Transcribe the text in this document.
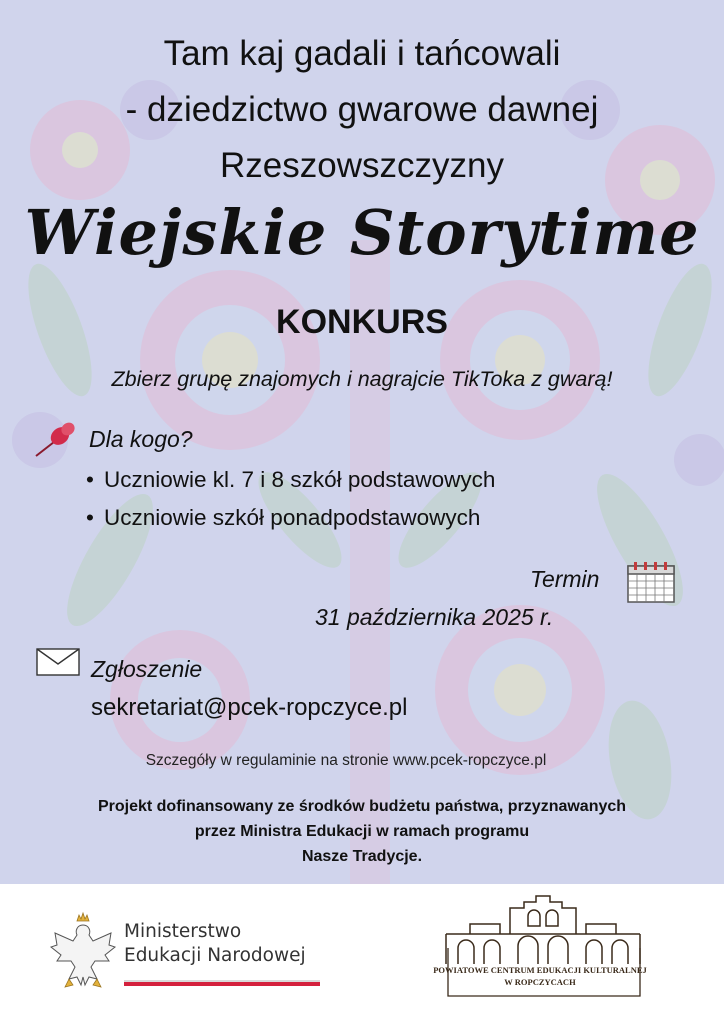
Tam kaj gadali i tańcowali
- dziedzictwo gwarowe dawnej
Rzeszowszczyzny
Wiejskie Storytime
KONKURS
Zbierz grupę znajomych i nagrajcie TikToka z gwarą!
Dla kogo?
• Uczniowie kl. 7 i 8 szkół podstawowych
• Uczniowie szkół ponadpodstawowych
Termin
31 października 2025 r.
Zgłoszenie
sekretariat@pcek-ropczyce.pl
Szczegóły w regulaminie na stronie www.pcek-ropczyce.pl
Projekt dofinansowany ze środków budżetu państwa, przyznawanych
przez Ministra Edukacji w ramach programu
Nasze Tradycje.
Ministerstwo
Edukacji Narodowej
POWIATOWE CENTRUM EDUKACJI KULTURALNEJ
W ROPCZYCACH
